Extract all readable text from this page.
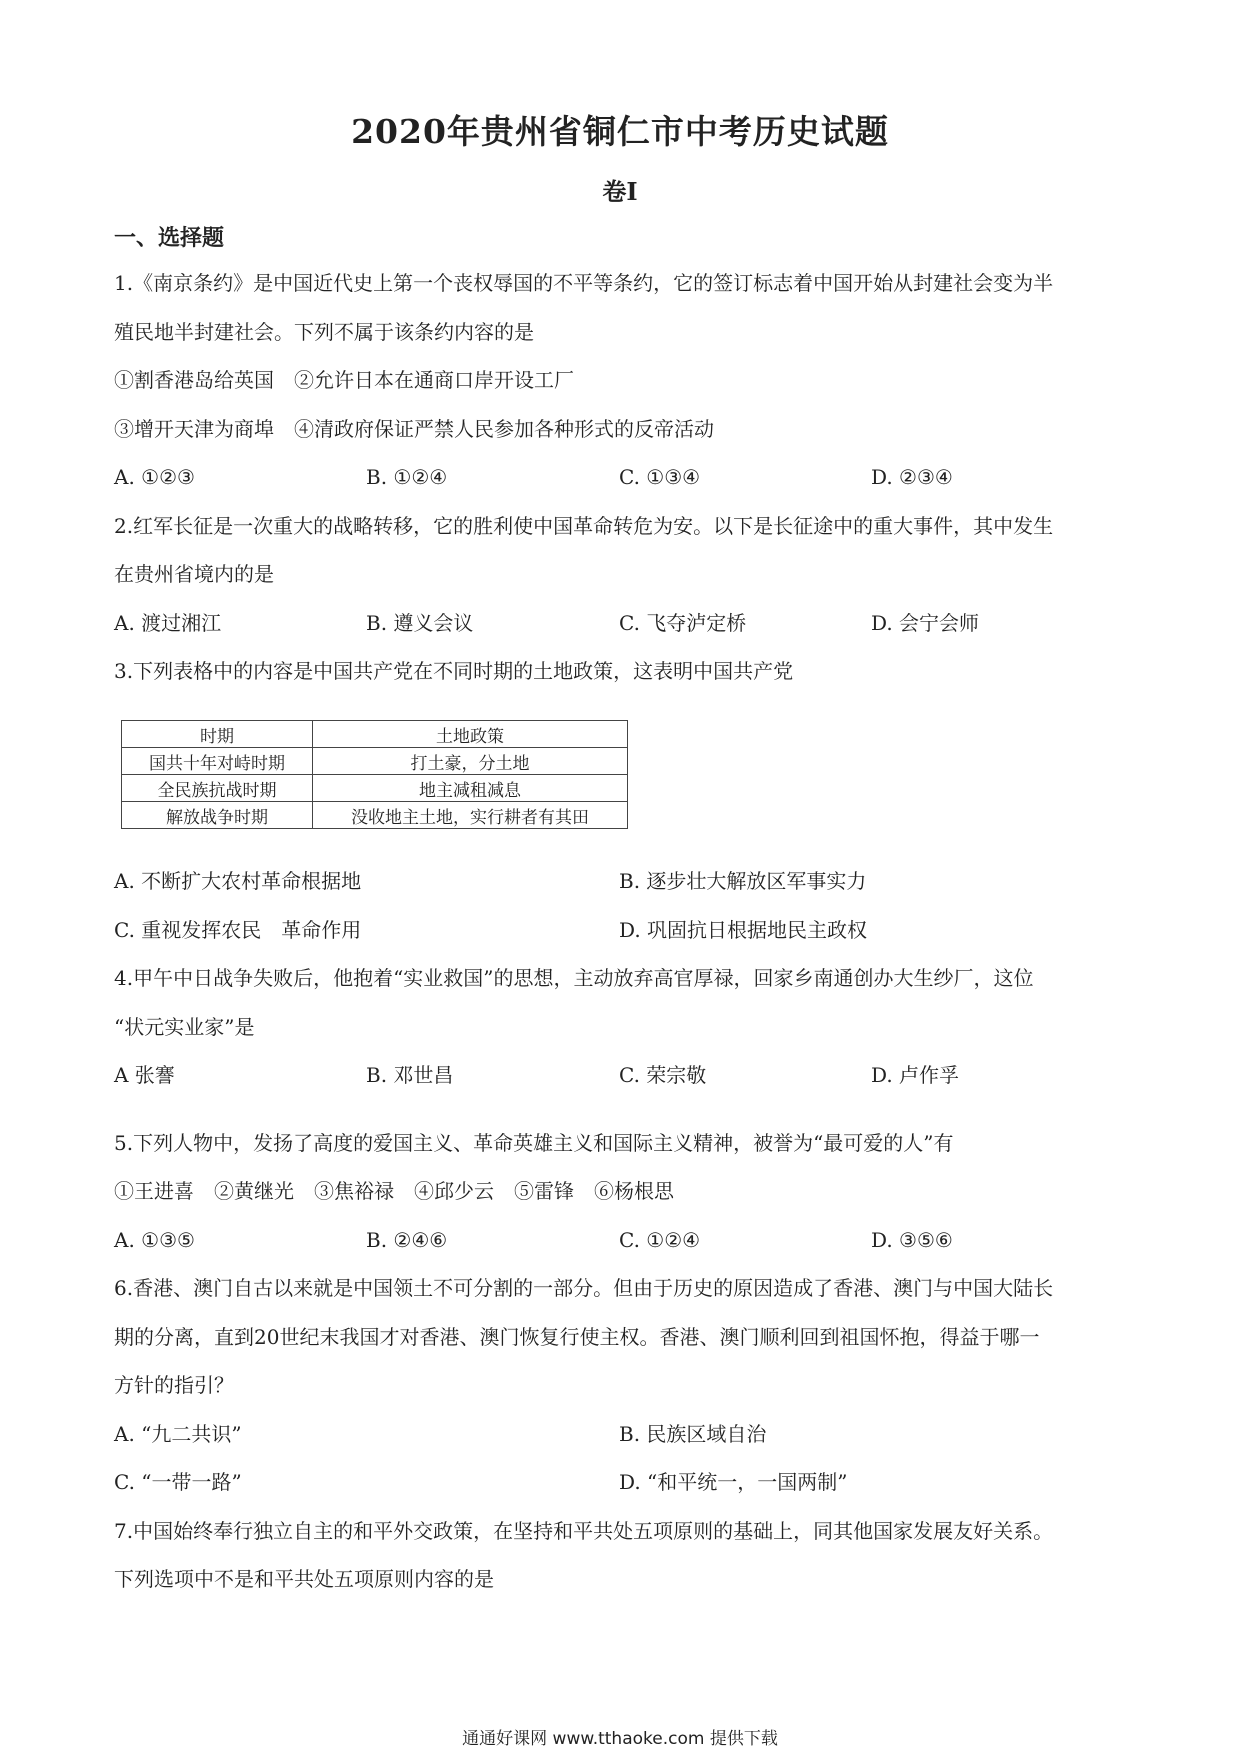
2020年贵州省铜仁市中考历史试题
卷I
一、选择题
1.《南京条约》是中国近代史上第一个丧权辱国的不平等条约，它的签订标志着中国开始从封建社会变为半
殖民地半封建社会。下列不属于该条约内容的是
①割香港岛给英国　②允许日本在通商口岸开设工厂
③增开天津为商埠　④清政府保证严禁人民参加各种形式的反帝活动
A. ①②③	B. ①②④	C. ①③④	D. ②③④
2.红军长征是一次重大的战略转移，它的胜利使中国革命转危为安。以下是长征途中的重大事件，其中发生
在贵州省境内的是
A. 渡过湘江	B. 遵义会议	C. 飞夺泸定桥	D. 会宁会师
3.下列表格中的内容是中国共产党在不同时期的土地政策，这表明中国共产党
时期	土地政策
国共十年对峙时期	打土豪，分土地
全民族抗战时期	地主减租减息
解放战争时期	没收地主土地，实行耕者有其田
A. 不断扩大农村革命根据地	B. 逐步壮大解放区军事实力
C. 重视发挥农民　革命作用	D. 巩固抗日根据地民主政权
4.甲午中日战争失败后，他抱着“实业救国”的思想，主动放弃高官厚禄，回家乡南通创办大生纱厂，这位
“状元实业家”是
A 张謇	B. 邓世昌	C. 荣宗敬	D. 卢作孚
5.下列人物中，发扬了高度的爱国主义、革命英雄主义和国际主义精神，被誉为“最可爱的人”有
①王进喜　②黄继光　③焦裕禄　④邱少云　⑤雷锋　⑥杨根思
A. ①③⑤	B. ②④⑥	C. ①②④	D. ③⑤⑥
6.香港、澳门自古以来就是中国领土不可分割的一部分。但由于历史的原因造成了香港、澳门与中国大陆长
期的分离，直到20世纪末我国才对香港、澳门恢复行使主权。香港、澳门顺利回到祖国怀抱，得益于哪一
方针的指引？
A. “九二共识”	B. 民族区域自治
C. “一带一路”	D. “和平统一，一国两制”
7.中国始终奉行独立自主的和平外交政策，在坚持和平共处五项原则的基础上，同其他国家发展友好关系。
下列选项中不是和平共处五项原则内容的是
通通好课网 www.tthaoke.com 提供下载
